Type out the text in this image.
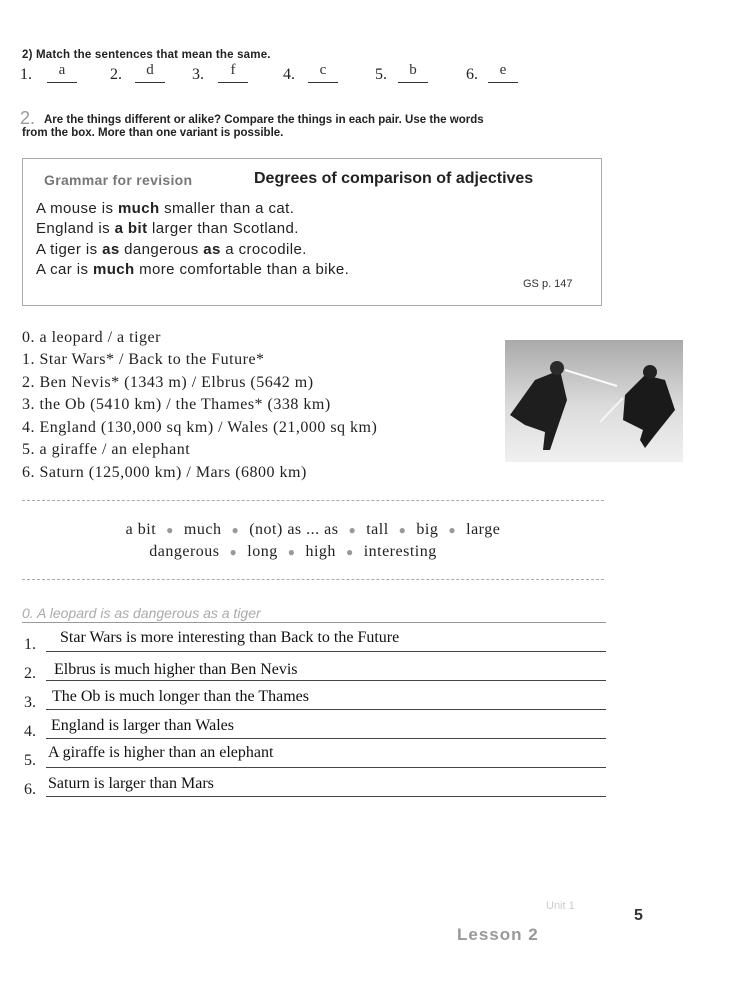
2) Match the sentences that mean the same.
1.	a	2.	d	3.	f	4.	c	5.	b	6.	e
2. Are the things different or alike? Compare the things in each pair. Use the words
from the box. More than one variant is possible.
Grammar for revision	Degrees of comparison of adjectives
A mouse is much smaller than a cat.
England is a bit larger than Scotland.
A tiger is as dangerous as a crocodile.
A car is much more comfortable than a bike.
GS p. 147
0. a leopard / a tiger
1. Star Wars* / Back to the Future*
2. Ben Nevis* (1343 m) / Elbrus (5642 m)
3. the Ob (5410 km) / the Thames* (338 km)
4. England (130,000 sq km) / Wales (21,000 sq km)
5. a giraffe / an elephant
6. Saturn (125,000 km) / Mars (6800 km)
a bit ● much ● (not) as ... as ● tall ● big ● large
dangerous ● long ● high ● interesting
0. A leopard is as dangerous as a tiger
1. Star Wars is more interesting than Back to the Future
2. Elbrus is much higher than Ben Nevis
3. The Ob is much longer than the Thames
4. England is larger than Wales
5. A giraffe is higher than an elephant
6. Saturn is larger than Mars
Unit 1
Lesson 2
5
